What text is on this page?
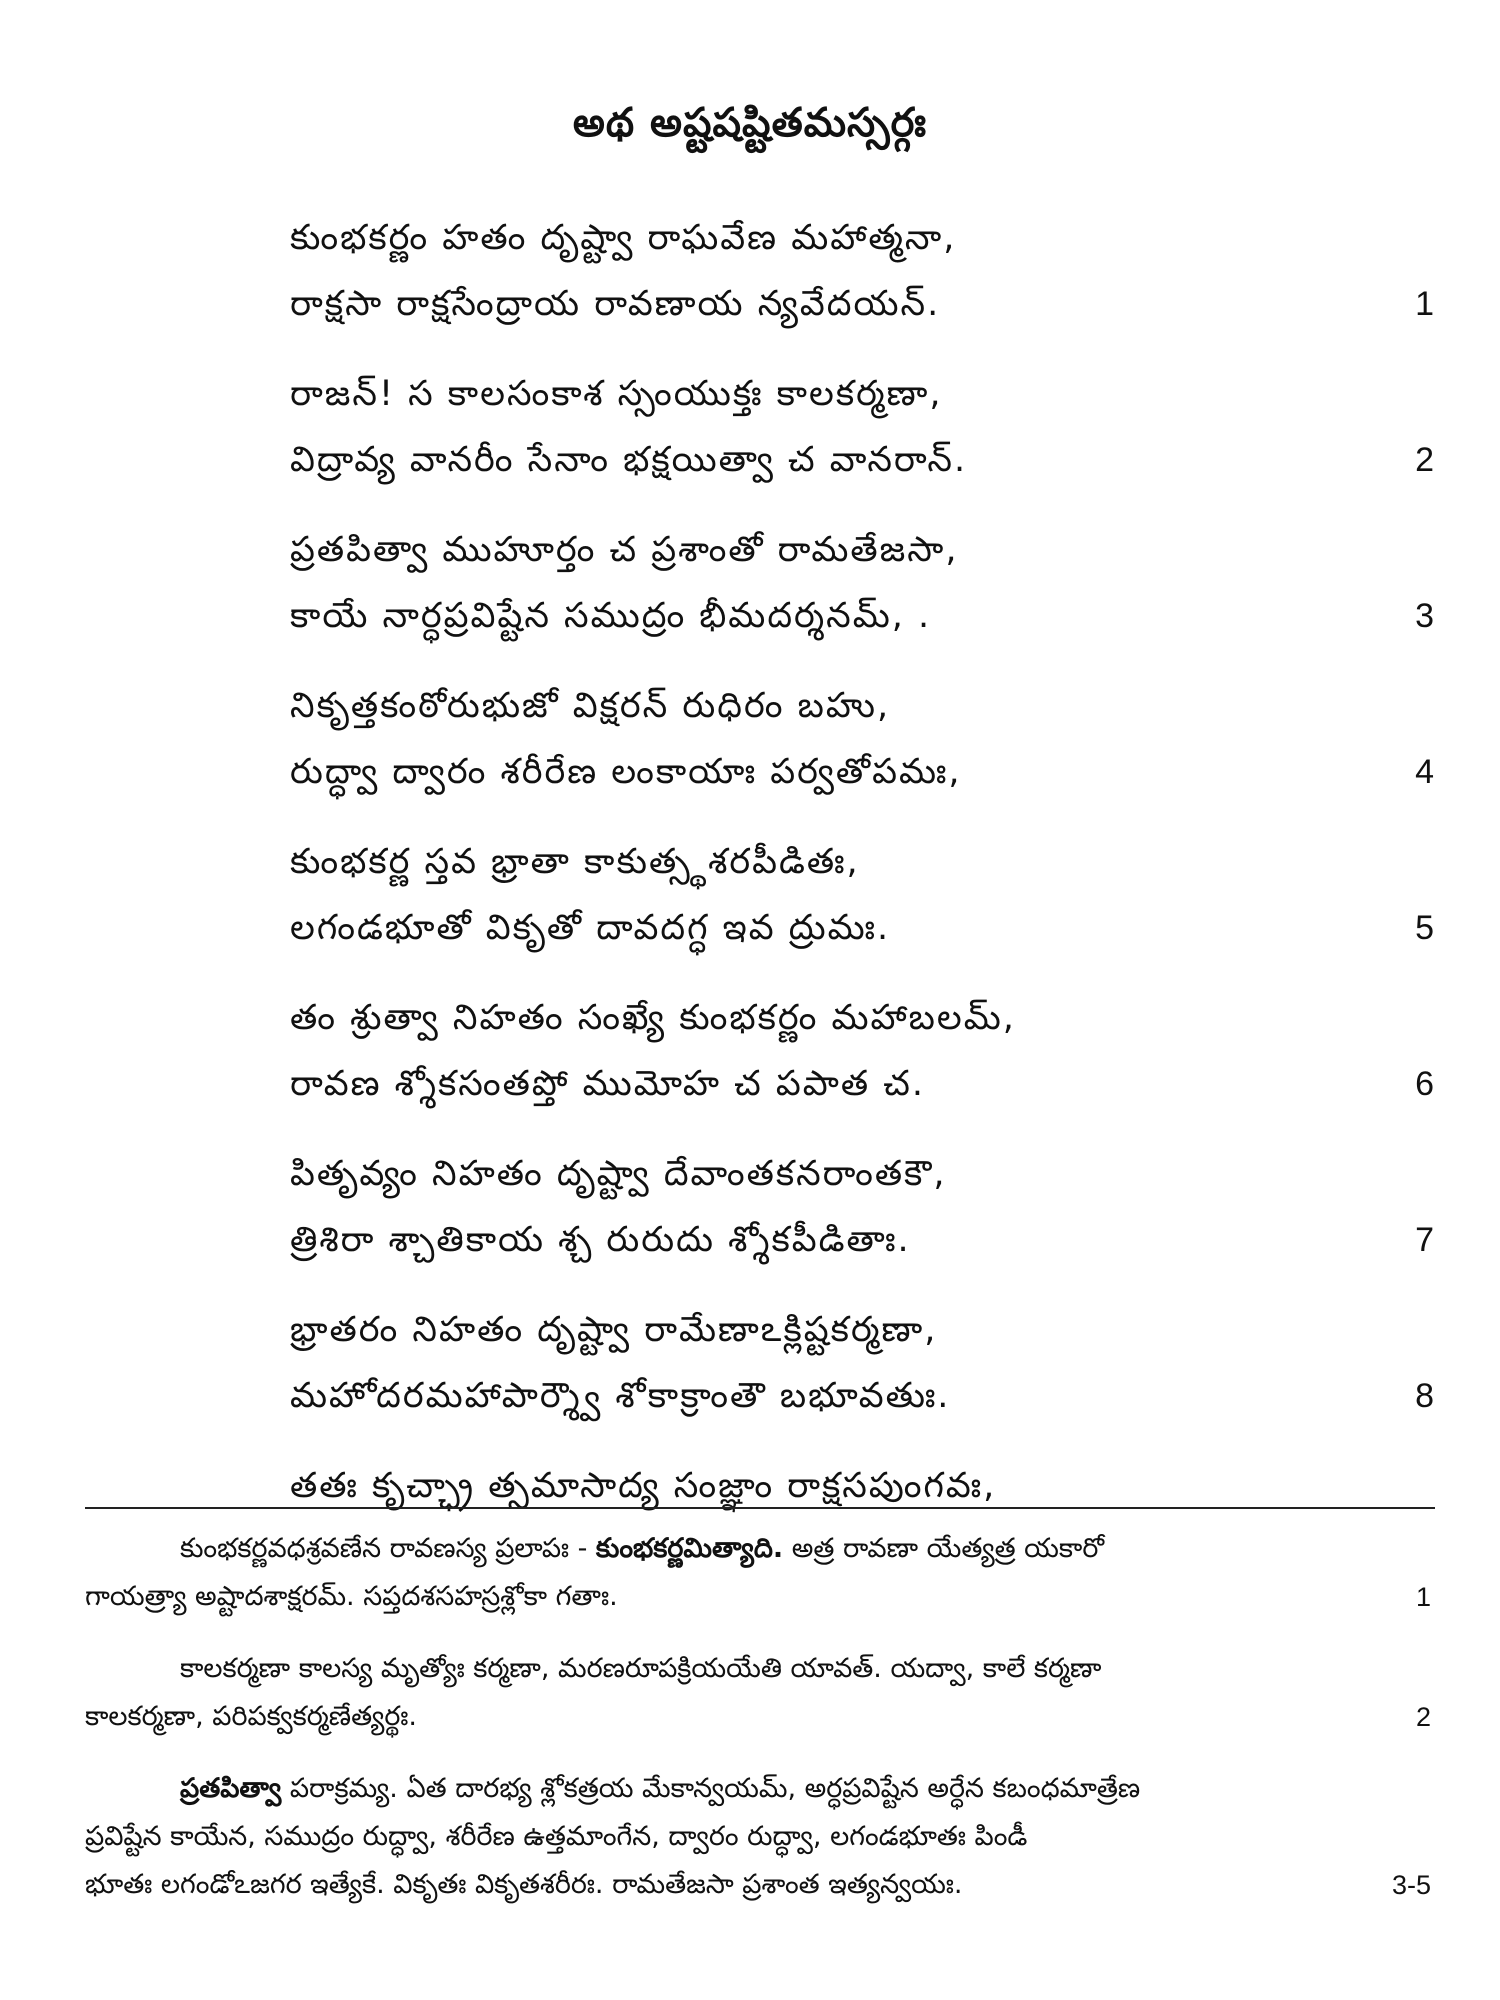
అథ అష్టషష్టితమస్సర్గః
కుంభకర్ణం హతం దృష్ట్వా రాఘవేణ మహాత్మనా,
రాక్షసా రాక్షసేంద్రాయ రావణాయ న్యవేదయన్.	1
రాజన్! స కాలసంకాశ స్సంయుక్తః కాలకర్మణా,
విద్రావ్య వానరీం సేనాం భక్షయిత్వా చ వానరాన్.	2
ప్రతపిత్వా ముహూర్తం చ ప్రశాంతో రామతేజసా,
కాయే నార్ధప్రవిష్టేన సముద్రం భీమదర్శనమ్, .	3
నికృత్తకంఠోరుభుజో విక్షరన్ రుధిరం బహు,
రుద్ధ్వా ద్వారం శరీరేణ లంకాయాః పర్వతోపమః,	4
కుంభకర్ణ స్తవ భ్రాతా కాకుత్స్థశరపీడితః,
లగండభూతో వికృతో దావదగ్ధ ఇవ ద్రుమః.	5
తం శ్రుత్వా నిహతం సంఖ్యే కుంభకర్ణం మహాబలమ్,
రావణ శ్శోకసంతప్తో ముమోహ చ పపాత చ.	6
పితృవ్యం నిహతం దృష్ట్వా దేవాంతకనరాంతకౌ,
త్రిశిరా శ్చాతికాయ శ్చ రురుదు శ్శోకపీడితాః.	7
భ్రాతరం నిహతం దృష్ట్వా రామేణాఽక్లిష్టకర్మణా,
మహోదరమహాపార్శ్వౌ శోకాక్రాంతౌ బభూవతుః.	8
తతః కృచ్ఛ్రా త్సమాసాద్య సంజ్ఞాం రాక్షసపుంగవః,
కుంభకర్ణవధశ్రవణేన రావణస్య ప్రలాపః - కుంభకర్ణమిత్యాది. అత్ర రావణా యేత్యత్ర యకారో
గాయత్ర్యా అష్టాదశాక్షరమ్. సప్తదశసహస్రశ్లోకా గతాః.	1
కాలకర్మణా కాలస్య మృత్యోః కర్మణా, మరణరూపక్రియయేతి యావత్. యద్వా, కాలే కర్మణా
కాలకర్మణా, పరిపక్వకర్మణేత్యర్థః.	2
ప్రతపిత్వా పరాక్రమ్య. ఏత దారభ్య శ్లోకత్రయ మేకాన్వయమ్, అర్ధప్రవిష్టేన అర్ధేన కబంధమాత్రేణ
ప్రవిష్టేన కాయేన, సముద్రం రుద్ధ్వా, శరీరేణ ఉత్తమాంగేన, ద్వారం రుద్ధ్వా, లగండభూతః పిండీ
భూతః లగండోఽజగర ఇత్యేకే. వికృతః వికృతశరీరః. రామతేజసా ప్రశాంత ఇత్యన్వయః.	3-5
